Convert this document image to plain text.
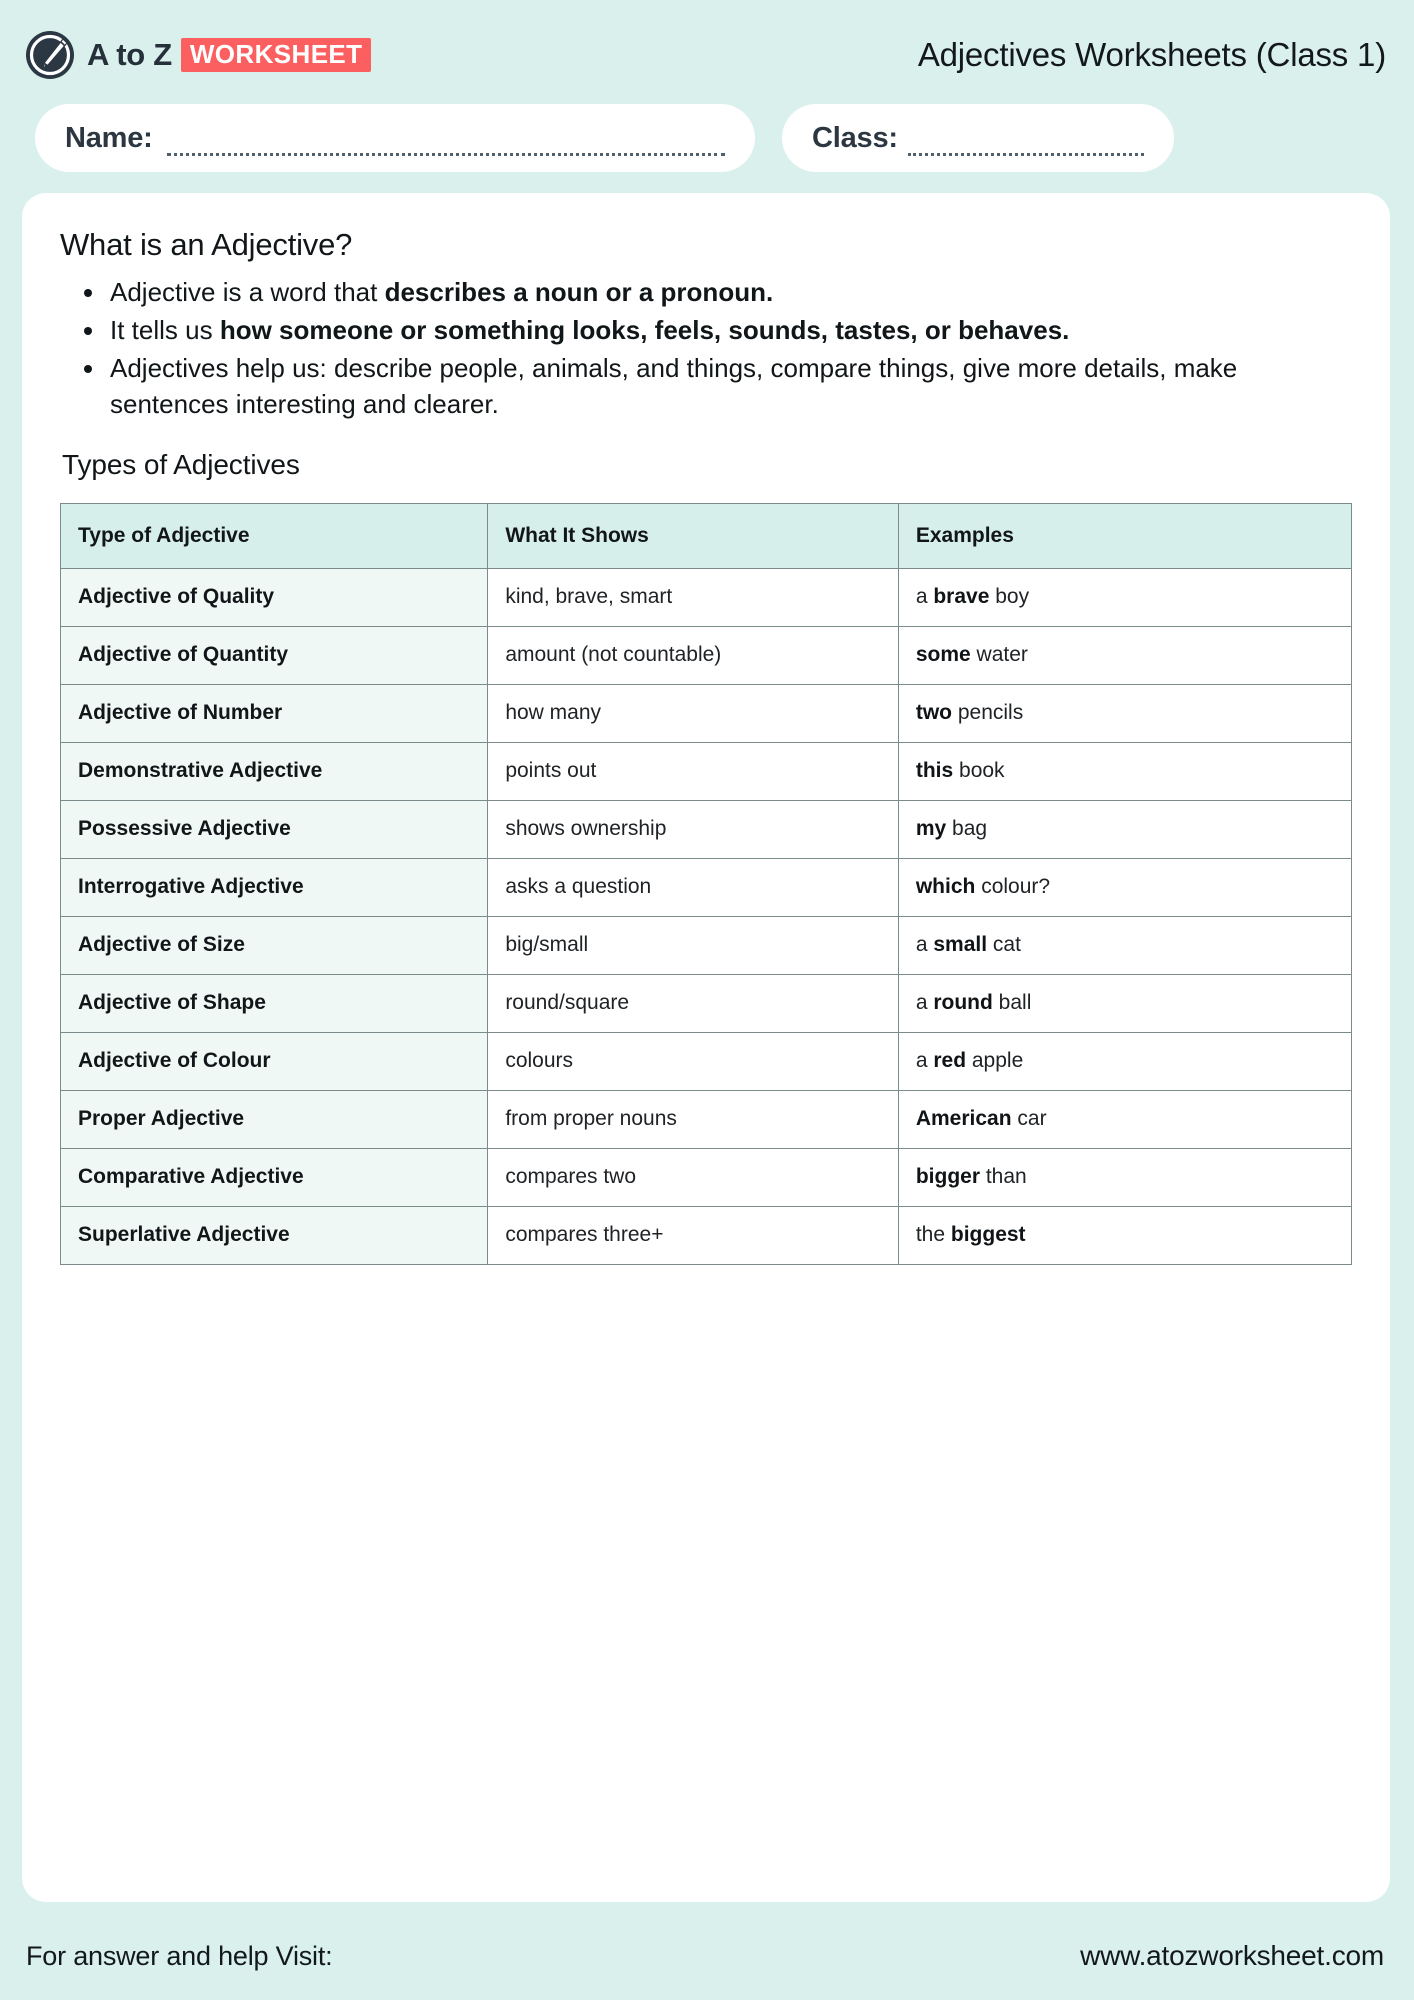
A to Z WORKSHEET	Adjectives Worksheets (Class 1)
Name:	Class:
What is an Adjective?
Adjective is a word that describes a noun or a pronoun.
It tells us how someone or something looks, feels, sounds, tastes, or behaves.
Adjectives help us: describe people, animals, and things, compare things, give more details, make sentences interesting and clearer.
Types of Adjectives
Type of Adjective	What It Shows	Examples
Adjective of Quality	kind, brave, smart	a brave boy
Adjective of Quantity	amount (not countable)	some water
Adjective of Number	how many	two pencils
Demonstrative Adjective	points out	this book
Possessive Adjective	shows ownership	my bag
Interrogative Adjective	asks a question	which colour?
Adjective of Size	big/small	a small cat
Adjective of Shape	round/square	a round ball
Adjective of Colour	colours	a red apple
Proper Adjective	from proper nouns	American car
Comparative Adjective	compares two	bigger than
Superlative Adjective	compares three+	the biggest
For answer and help Visit:	www.atozworksheet.com
